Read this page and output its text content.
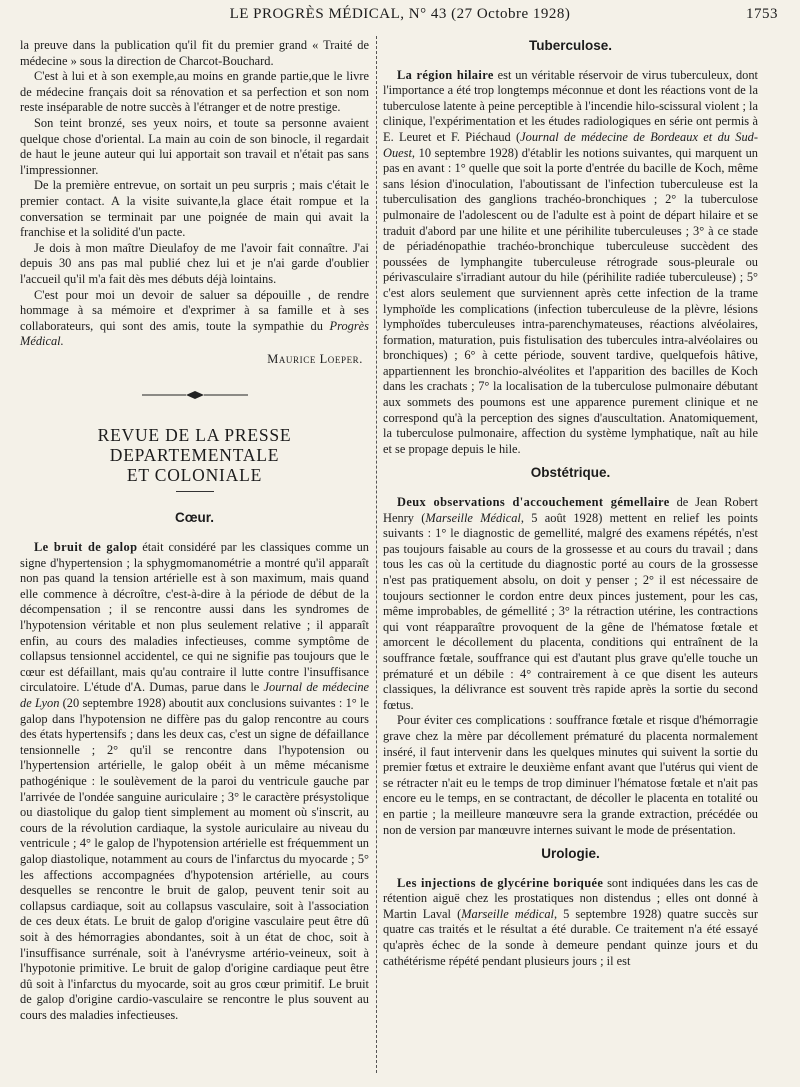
LE PROGRÈS MÉDICAL, N° 43 (27 Octobre 1928)	1753

la preuve dans la publication qu'il fit du premier grand « Traité de médecine » sous la direction de Charcot-Bouchard.

C'est à lui et à son exemple,au moins en grande partie,que le livre de médecine français doit sa rénovation et sa perfection et son nom reste inséparable de notre succès à l'étranger et de notre prestige.

Son teint bronzé, ses yeux noirs, et toute sa personne avaient quelque chose d'oriental. La main au coin de son binocle, il regardait de haut le jeune auteur qui lui apportait son travail et n'était pas sans l'impressionner.

De la première entrevue, on sortait un peu surpris ; mais c'était le premier contact. A la visite suivante,la glace était rompue et la conversation se terminait par une poignée de main qui avait la franchise et la solidité d'un pacte.

Je dois à mon maître Dieulafoy de me l'avoir fait connaître. J'ai depuis 30 ans pas mal publié chez lui et je n'ai garde d'oublier l'accueil qu'il m'a fait dès mes débuts déjà lointains.

C'est pour moi un devoir de saluer sa dépouille , de rendre hommage à sa mémoire et d'exprimer à sa famille et à ses collaborateurs, qui sont des amis, toute la sympathie du Progrès Médical.

Maurice Loeper.
REVUE DE LA PRESSE DEPARTEMENTALE
ET COLONIALE
Cœur.

Le bruit de galop était considéré par les classiques comme un signe d'hypertension ; la sphygmomanométrie a montré qu'il apparaît non pas quand la tension artérielle est à son maximum, mais quand elle commence à décroître, c'est-à-dire à la période de début de la décompensation ; il se rencontre aussi dans les syndromes de l'hypotension véritable et non plus seulement relative ; il apparaît enfin, au cours des maladies infectieuses, comme symptôme de collapsus tensionnel accidentel, ce qui ne signifie pas toujours que le cœur est défaillant, mais qu'au contraire il lutte contre l'insuffisance circulatoire. L'étude d'A. Dumas, parue dans le Journal de médecine de Lyon (20 septembre 1928) aboutit aux conclusions suivantes : 1° le galop dans l'hypotension ne diffère pas du galop rencontre au cours des états hypertensifs ; dans les deux cas, c'est un signe de défaillance tensionnelle ; 2° qu'il se rencontre dans l'hypotension ou l'hypertension artérielle, le galop obéit à un même mécanisme pathogénique : le soulèvement de la paroi du ventricule gauche par l'arrivée de l'ondée sanguine auriculaire ; 3° le caractère présystolique ou diastolique du galop tient simplement au moment où s'inscrit, au cours de la révolution cardiaque, la systole auriculaire au niveau du ventricule ; 4° le galop de l'hypotension artérielle est fréquemment un galop diastolique, notamment au cours de l'infarctus du myocarde ; 5° les affections accompagnées d'hypotension artérielle, au cours desquelles se rencontre le bruit de galop, peuvent tenir soit au collapsus cardiaque, soit au collapsus vasculaire, soit à l'association de ces deux états. Le bruit de galop d'origine vasculaire peut être dû soit à des hémorragies abondantes, soit à un état de choc, soit à l'insuffisance surrénale, soit à l'anévrysme artério-veineux, soit à l'hypotonie primitive. Le bruit de galop d'origine cardiaque peut être dû soit à l'infarctus du myocarde, soit au gros cœur primitif. Le bruit de galop d'origine cardio-vasculaire se rencontre le plus souvent au cours des maladies infectieuses.

Tuberculose.

La région hilaire est un véritable réservoir de virus tuberculeux, dont l'importance a été trop longtemps méconnue et dont les réactions vont de la tuberculose latente à peine perceptible à l'incendie hilo-scissural violent ; la clinique, l'expérimentation et les études radiologiques en série ont permis à E. Leuret et F. Piéchaud (Journal de médecine de Bordeaux et du Sud-Ouest, 10 septembre 1928) d'établir les notions suivantes, qui marquent un pas en avant : 1° quelle que soit la porte d'entrée du bacille de Koch, même sans lésion d'inoculation, l'aboutissant de l'infection tuberculeuse est la tuberculisation des ganglions trachéo-bronchiques ; 2° la tuberculose pulmonaire de l'adolescent ou de l'adulte est à point de départ hilaire et se traduit d'abord par une hilite et une périhilite tuberculeuses ; 3° à ce stade de périadénopathie trachéo-bronchique tuberculeuse succèdent des poussées de lymphangite tuberculeuse rétrograde sous-pleurale ou périvasculaire s'irradiant autour du hile (périhilite radiée tuberculeuse) ; 5° c'est alors seulement que surviennent après cette infection de la trame lymphoïde les complications (infection tuberculeuse de la plèvre, lésions lymphoïdes tuberculeuses intra-parenchymateuses, réactions alvéolaires, formation, maturation, puis fistulisation des tubercules intra-alvéolaires ou bronchiques) ; 6° à cette période, souvent tardive, quelquefois hâtive, appartiennent les bronchio-alvéolites et l'apparition des bacilles de Koch dans les crachats ; 7° la localisation de la tuberculose pulmonaire débutant aux sommets des poumons est une apparence purement clinique et ne correspond qu'à la perception des signes d'auscultation. Anatomiquement, la tuberculose pulmonaire, affection du système lymphatique, naît au hile et se propage depuis le hile.

Obstétrique.

Deux observations d'accouchement gémellaire de Jean Robert Henry (Marseille Médical, 5 août 1928) mettent en relief les points suivants : 1° le diagnostic de gemellité, malgré des examens répétés, n'est pas toujours faisable au cours de la grossesse et au cours du travail ; dans tous les cas où la certitude du diagnostic porté au cours de la grossesse n'est pas pratiquement absolu, on doit y penser ; 2° il est nécessaire de toujours sectionner le cordon entre deux pinces justement, pour les cas, même improbables, de gémellité ; 3° la rétraction utérine, les contractions qui vont réapparaître provoquent de la gêne de l'hématose fœtale et amorcent le décollement du placenta, conditions qui entraînent de la souffrance fœtale, souffrance qui est d'autant plus grave qu'elle touche un prématuré et un débile : 4° contrairement à ce que disent les auteurs classiques, la délivrance est souvent très rapide après la sortie du second fœtus.

Pour éviter ces complications : souffrance fœtale et risque d'hémorragie grave chez la mère par décollement prématuré du placenta normalement inséré, il faut intervenir dans les quelques minutes qui suivent la sortie du premier fœtus et extraire le deuxième enfant avant que l'utérus qui vient de se rétracter n'ait eu le temps de trop diminuer l'hématose fœtale et n'ait pas encore eu le temps, en se contractant, de décoller le placenta en totalité ou en partie ; la meilleure manœuvre sera la grande extraction, précédée ou non de version par manœuvre internes suivant le mode de présentation.

Urologie.

Les injections de glycérine boriquée sont indiquées dans les cas de rétention aiguë chez les prostatiques non distendus ; elles ont donné à Martin Laval (Marseille médical, 5 septembre 1928) quatre succès sur quatre cas traités et le résultat a été durable. Ce traitement n'a été essayé qu'après échec de la sonde à demeure pendant quinze jours et du cathétérisme répété pendant plusieurs jours ; il est
